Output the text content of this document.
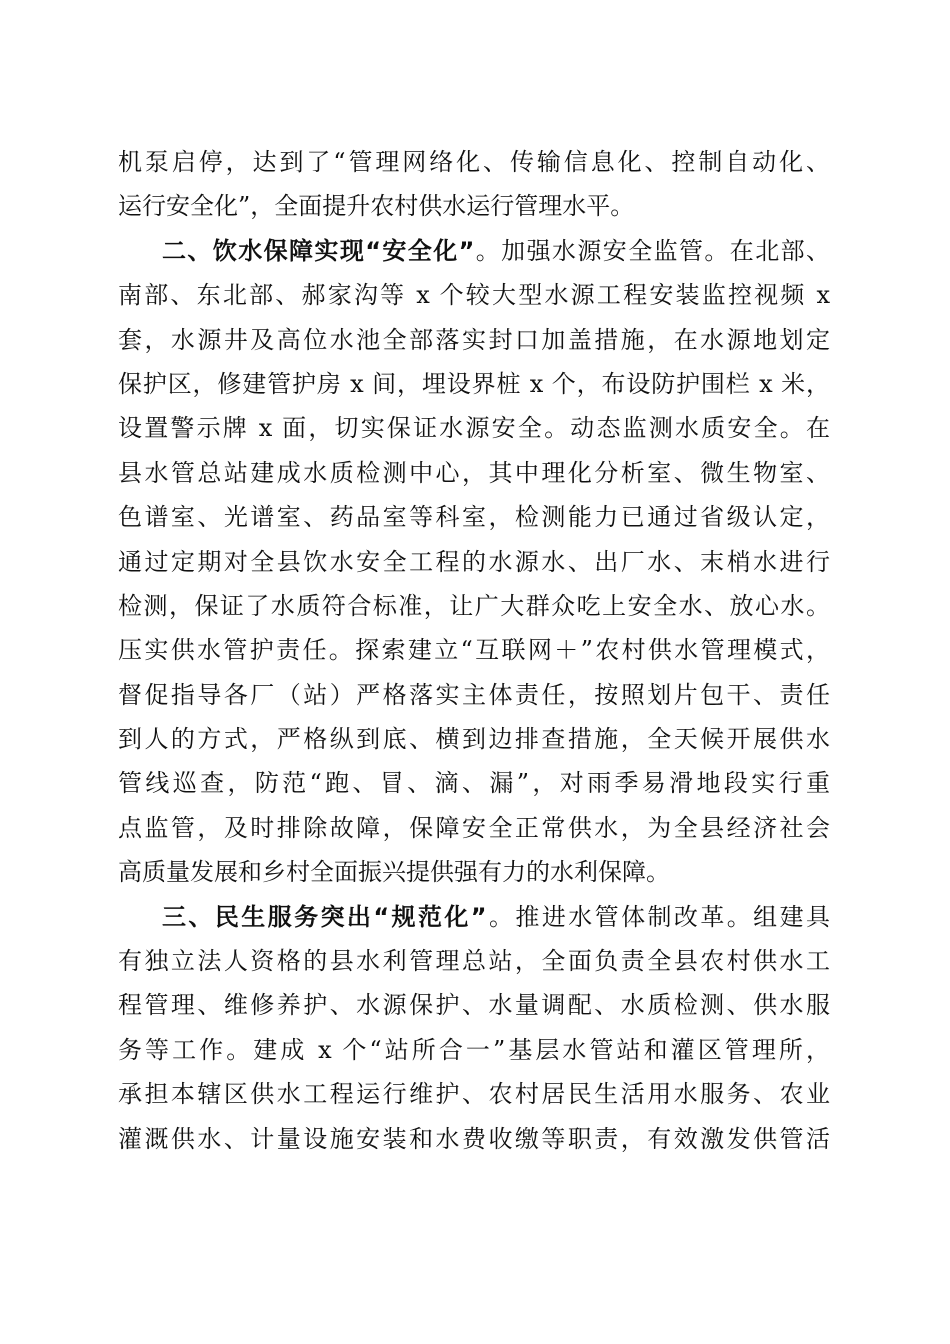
机泵启停，达到了“管理网络化、传输信息化、控制自动化、
运行安全化”，全面提升农村供水运行管理水平。
二、饮水保障实现“安全化”。加强水源安全监管。在北部、
南部、东北部、郝家沟等 x 个较大型水源工程安装监控视频 x
套，水源井及高位水池全部落实封口加盖措施，在水源地划定
保护区，修建管护房 x 间，埋设界桩 x 个，布设防护围栏 x 米，
设置警示牌 x 面，切实保证水源安全。动态监测水质安全。在
县水管总站建成水质检测中心，其中理化分析室、微生物室、
色谱室、光谱室、药品室等科室，检测能力已通过省级认定，
通过定期对全县饮水安全工程的水源水、出厂水、末梢水进行
检测，保证了水质符合标准，让广大群众吃上安全水、放心水。
压实供水管护责任。探索建立“互联网＋”农村供水管理模式，
督促指导各厂（站）严格落实主体责任，按照划片包干、责任
到人的方式，严格纵到底、横到边排查措施，全天候开展供水
管线巡查，防范“跑、冒、滴、漏”，对雨季易滑地段实行重
点监管，及时排除故障，保障安全正常供水，为全县经济社会
高质量发展和乡村全面振兴提供强有力的水利保障。
三、民生服务突出“规范化”。推进水管体制改革。组建具
有独立法人资格的县水利管理总站，全面负责全县农村供水工
程管理、维修养护、水源保护、水量调配、水质检测、供水服
务等工作。建成 x 个“站所合一”基层水管站和灌区管理所，
承担本辖区供水工程运行维护、农村居民生活用水服务、农业
灌溉供水、计量设施安装和水费收缴等职责，有效激发供管活
